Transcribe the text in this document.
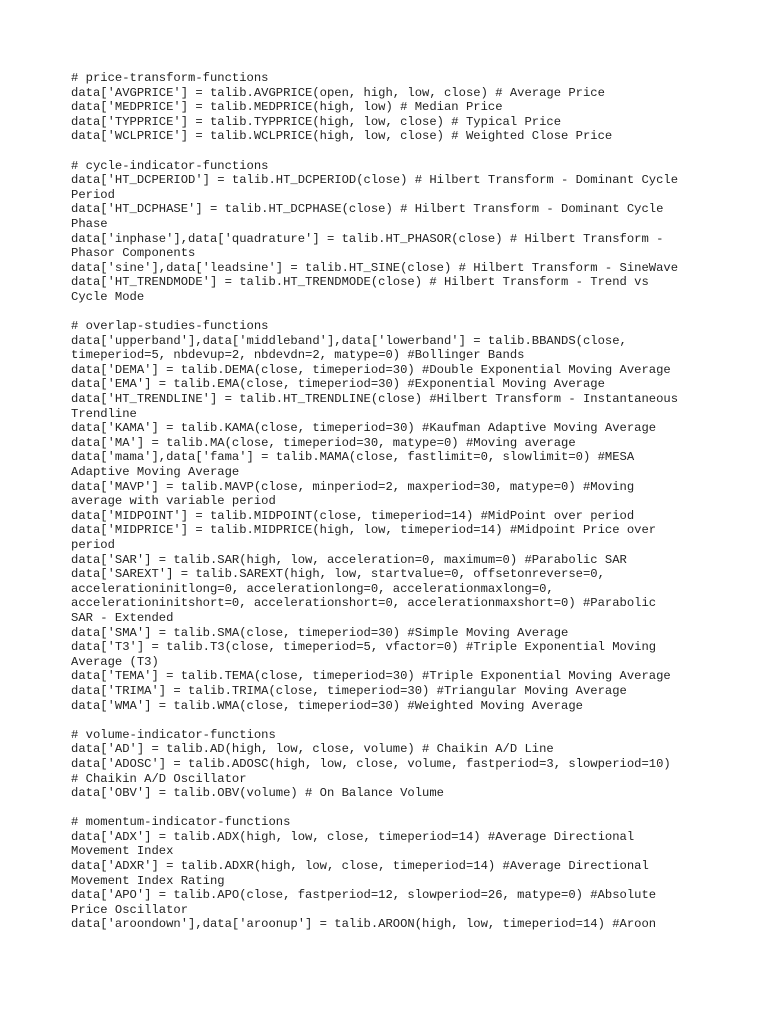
# price-transform-functions
data['AVGPRICE'] = talib.AVGPRICE(open, high, low, close) # Average Price
data['MEDPRICE'] = talib.MEDPRICE(high, low) # Median Price
data['TYPPRICE'] = talib.TYPPRICE(high, low, close) # Typical Price
data['WCLPRICE'] = talib.WCLPRICE(high, low, close) # Weighted Close Price
# cycle-indicator-functions
data['HT_DCPERIOD'] = talib.HT_DCPERIOD(close) # Hilbert Transform - Dominant Cycle
Period
data['HT_DCPHASE'] = talib.HT_DCPHASE(close) # Hilbert Transform - Dominant Cycle
Phase
data['inphase'],data['quadrature'] = talib.HT_PHASOR(close) # Hilbert Transform -
Phasor Components
data['sine'],data['leadsine'] = talib.HT_SINE(close) # Hilbert Transform - SineWave
data['HT_TRENDMODE'] = talib.HT_TRENDMODE(close) # Hilbert Transform - Trend vs
Cycle Mode
# overlap-studies-functions
data['upperband'],data['middleband'],data['lowerband'] = talib.BBANDS(close,
timeperiod=5, nbdevup=2, nbdevdn=2, matype=0) #Bollinger Bands
data['DEMA'] = talib.DEMA(close, timeperiod=30) #Double Exponential Moving Average
data['EMA'] = talib.EMA(close, timeperiod=30) #Exponential Moving Average
data['HT_TRENDLINE'] = talib.HT_TRENDLINE(close) #Hilbert Transform - Instantaneous
Trendline
data['KAMA'] = talib.KAMA(close, timeperiod=30) #Kaufman Adaptive Moving Average
data['MA'] = talib.MA(close, timeperiod=30, matype=0) #Moving average
data['mama'],data['fama'] = talib.MAMA(close, fastlimit=0, slowlimit=0) #MESA
Adaptive Moving Average
data['MAVP'] = talib.MAVP(close, minperiod=2, maxperiod=30, matype=0) #Moving
average with variable period
data['MIDPOINT'] = talib.MIDPOINT(close, timeperiod=14) #MidPoint over period
data['MIDPRICE'] = talib.MIDPRICE(high, low, timeperiod=14) #Midpoint Price over
period
data['SAR'] = talib.SAR(high, low, acceleration=0, maximum=0) #Parabolic SAR
data['SAREXT'] = talib.SAREXT(high, low, startvalue=0, offsetonreverse=0,
accelerationinitlong=0, accelerationlong=0, accelerationmaxlong=0,
accelerationinitshort=0, accelerationshort=0, accelerationmaxshort=0) #Parabolic
SAR - Extended
data['SMA'] = talib.SMA(close, timeperiod=30) #Simple Moving Average
data['T3'] = talib.T3(close, timeperiod=5, vfactor=0) #Triple Exponential Moving
Average (T3)
data['TEMA'] = talib.TEMA(close, timeperiod=30) #Triple Exponential Moving Average
data['TRIMA'] = talib.TRIMA(close, timeperiod=30) #Triangular Moving Average
data['WMA'] = talib.WMA(close, timeperiod=30) #Weighted Moving Average
# volume-indicator-functions
data['AD'] = talib.AD(high, low, close, volume) # Chaikin A/D Line
data['ADOSC'] = talib.ADOSC(high, low, close, volume, fastperiod=3, slowperiod=10)
# Chaikin A/D Oscillator
data['OBV'] = talib.OBV(volume) # On Balance Volume
# momentum-indicator-functions
data['ADX'] = talib.ADX(high, low, close, timeperiod=14) #Average Directional
Movement Index
data['ADXR'] = talib.ADXR(high, low, close, timeperiod=14) #Average Directional
Movement Index Rating
data['APO'] = talib.APO(close, fastperiod=12, slowperiod=26, matype=0) #Absolute
Price Oscillator
data['aroondown'],data['aroonup'] = talib.AROON(high, low, timeperiod=14) #Aroon
